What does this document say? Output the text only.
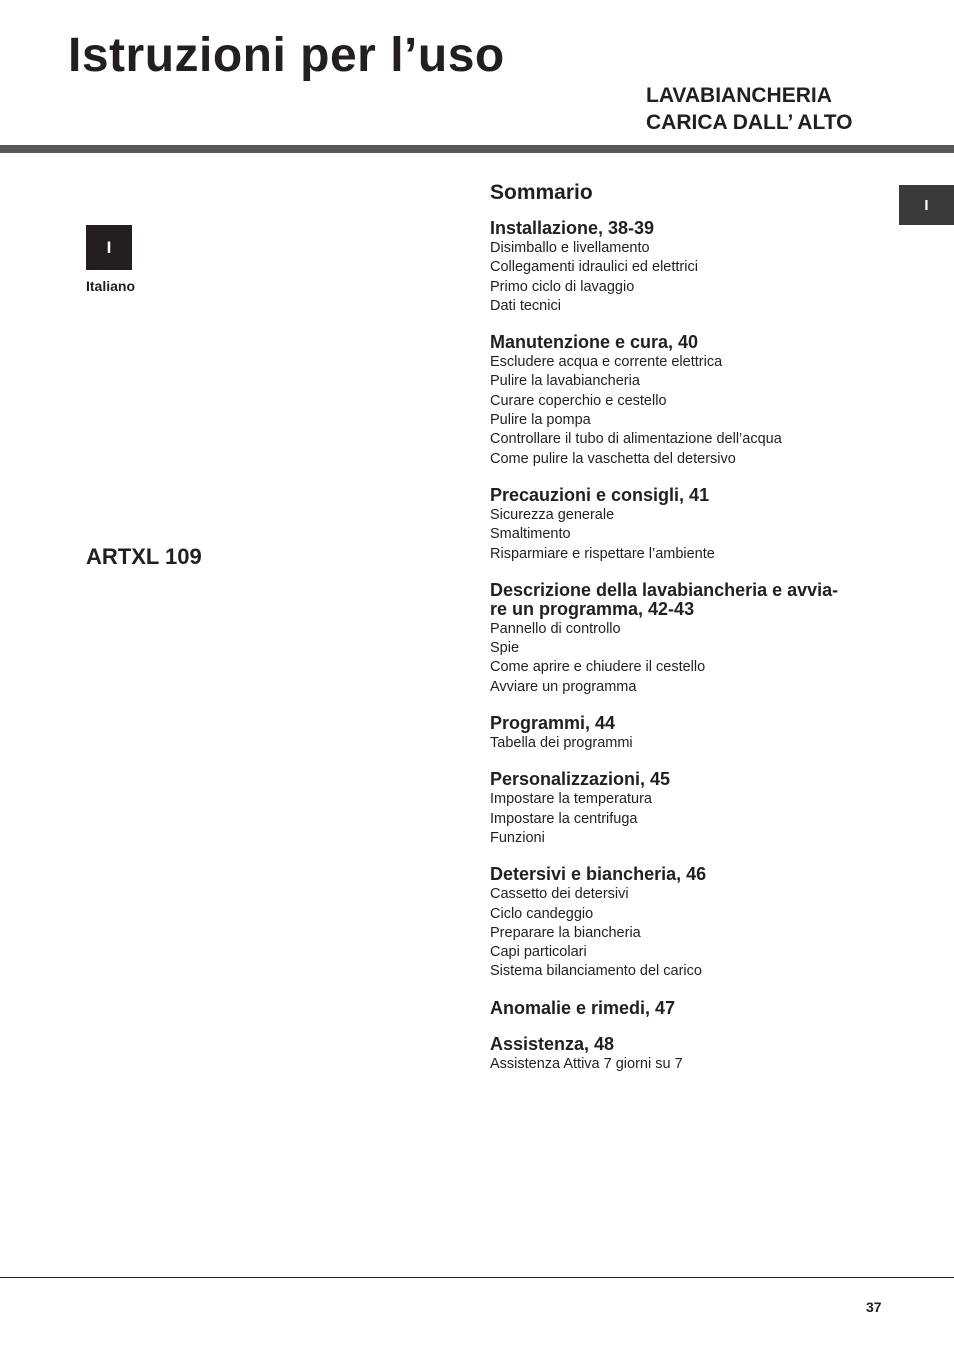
Istruzioni per l’uso
LAVABIANCHERIA
CARICA DALL’ ALTO
I
I
Italiano
ARTXL 109
Sommario
Installazione, 38-39
Disimballo e livellamento
Collegamenti idraulici ed elettrici
Primo ciclo di lavaggio
Dati tecnici
Manutenzione e cura, 40
Escludere acqua e corrente elettrica
Pulire la lavabiancheria
Curare coperchio e cestello
Pulire la pompa
Controllare il tubo di alimentazione dell’acqua
Come pulire la vaschetta del detersivo
Precauzioni e consigli, 41
Sicurezza generale
Smaltimento
Risparmiare e rispettare l’ambiente
Descrizione della lavabiancheria e avvia-
re un programma, 42-43
Pannello di controllo
Spie
Come aprire e chiudere il cestello
Avviare un programma
Programmi, 44
Tabella dei programmi
Personalizzazioni, 45
Impostare la temperatura
Impostare la centrifuga
Funzioni
Detersivi e biancheria, 46
Cassetto dei detersivi
Ciclo candeggio
Preparare la biancheria
Capi particolari
Sistema bilanciamento del carico
Anomalie e rimedi, 47
Assistenza, 48
Assistenza Attiva 7 giorni su 7
37
